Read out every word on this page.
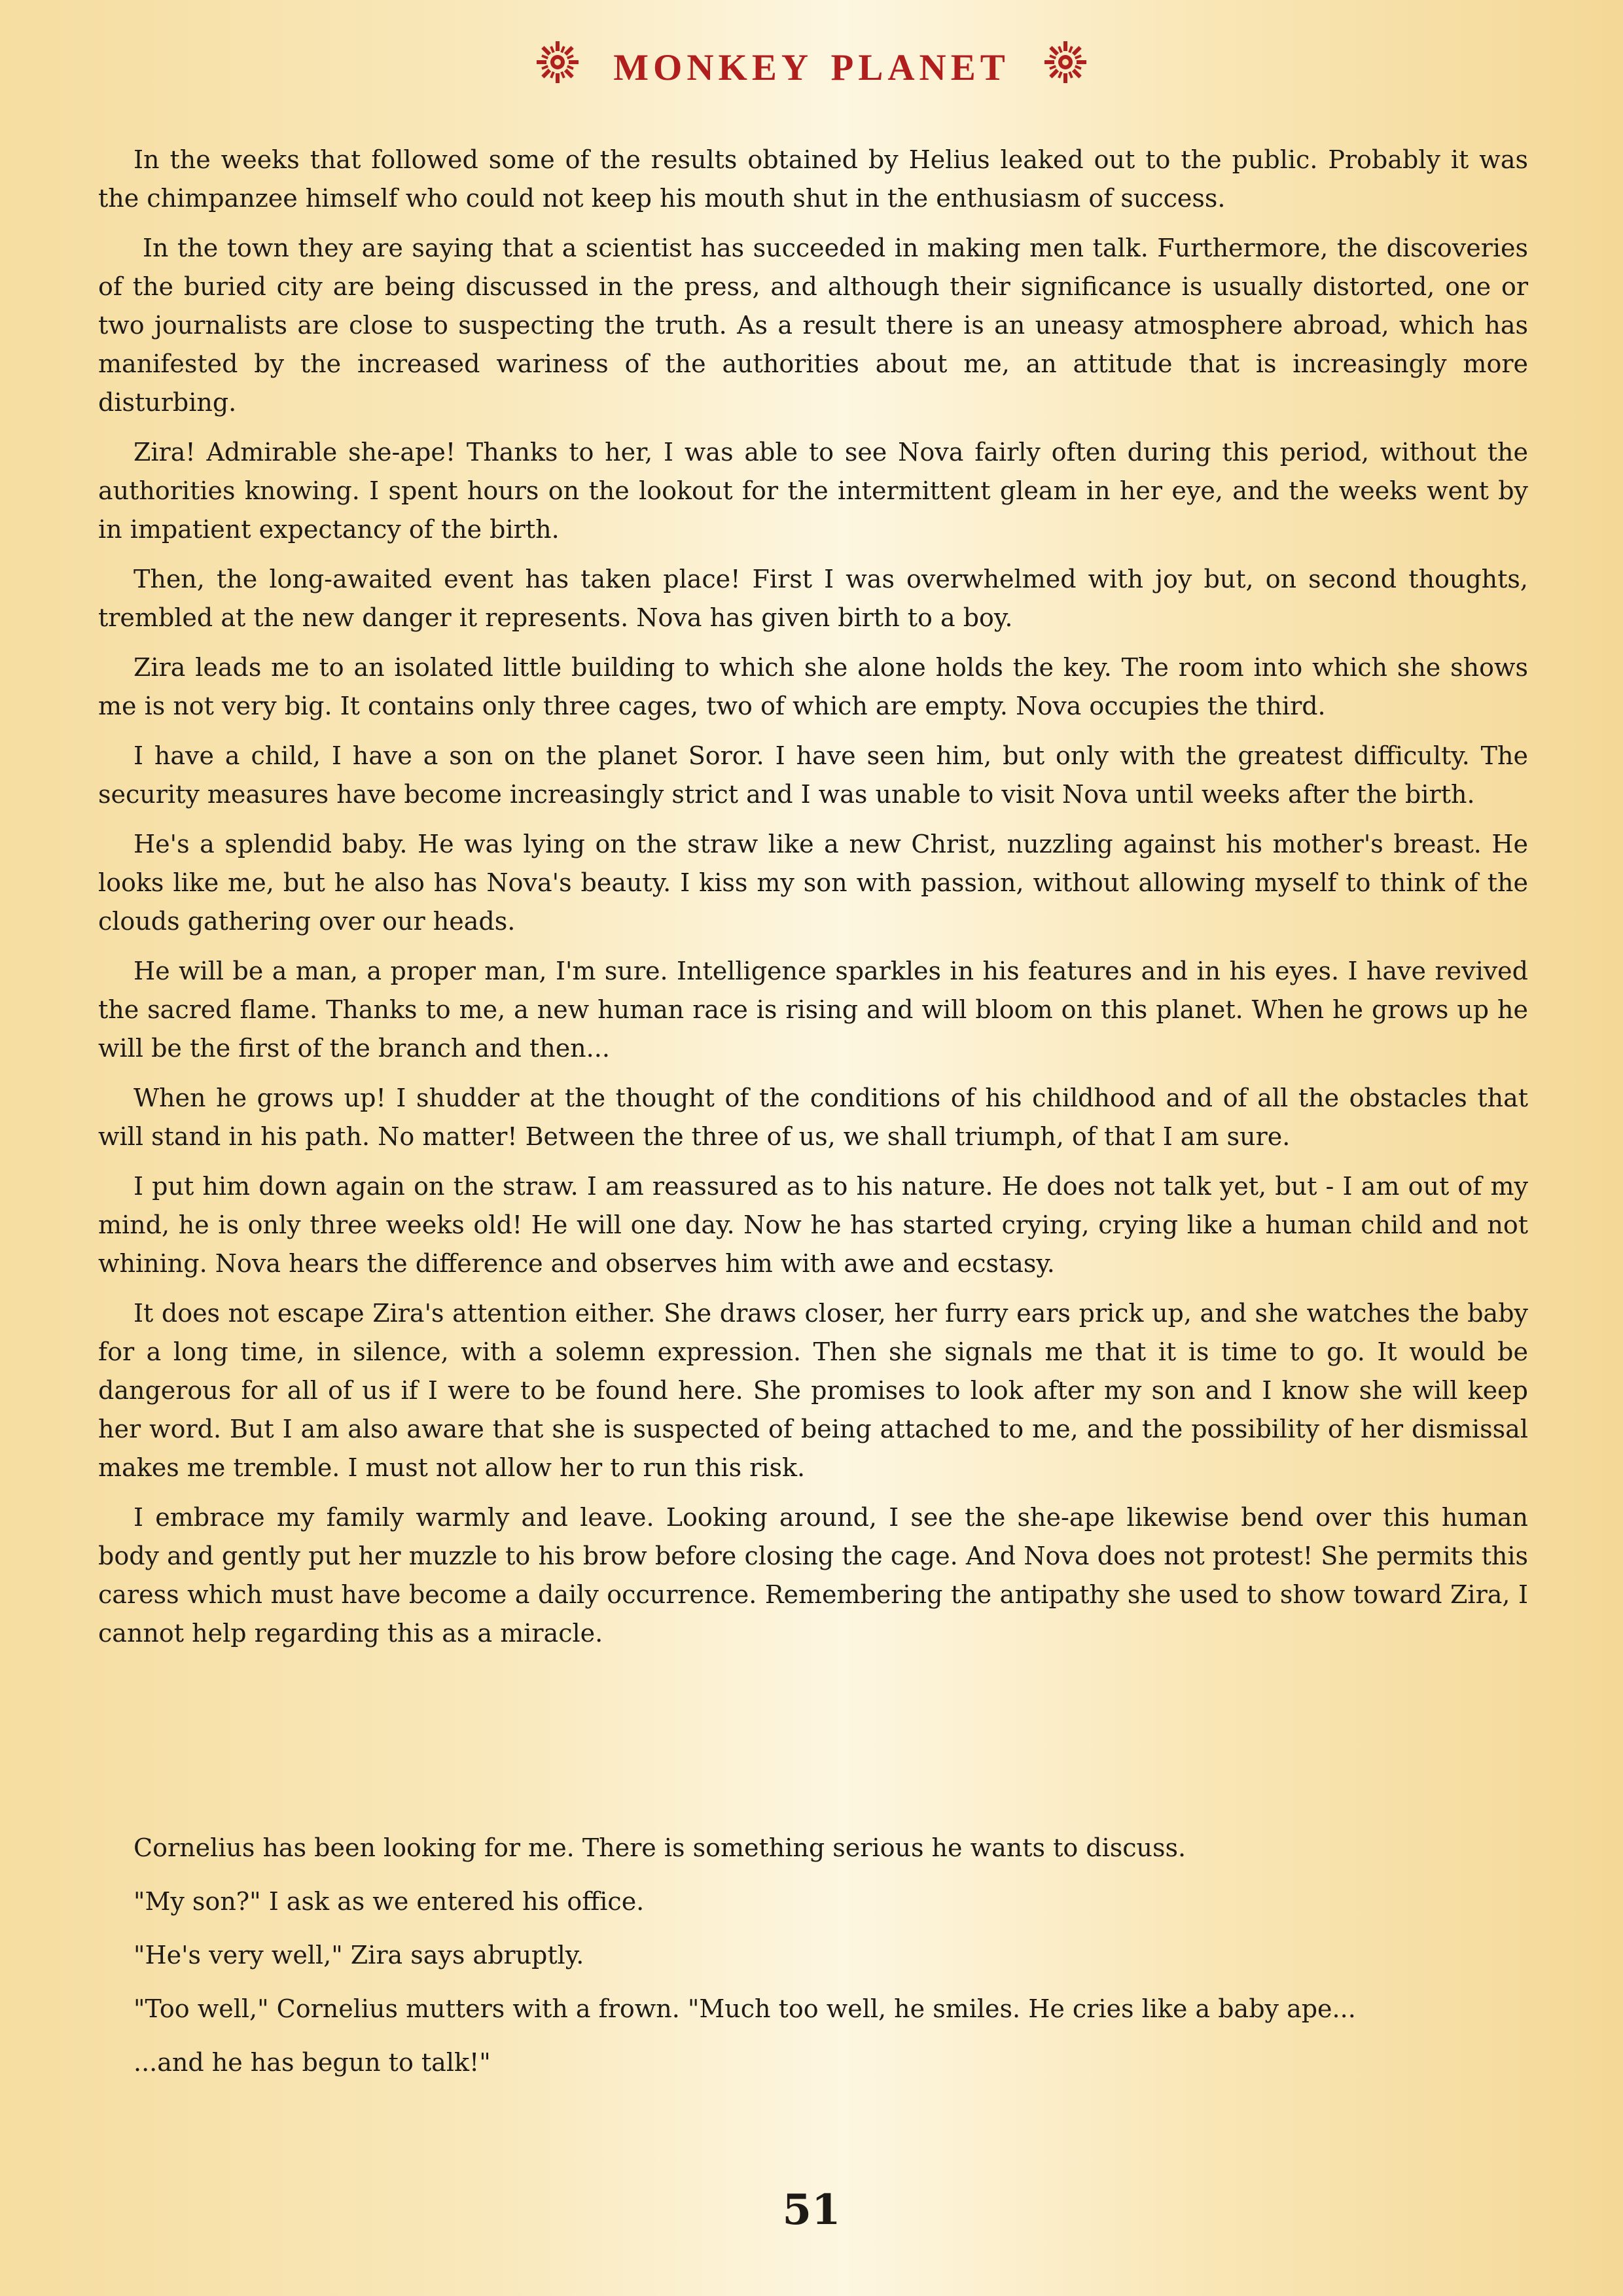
monkey planet

In the weeks that followed some of the results obtained by Helius leaked out to the public. Probably it was the chimpanzee himself who could not keep his mouth shut in the enthusiasm of success.

In the town they are saying that a scientist has succeeded in making men talk. Furthermore, the discoveries of the buried city are being discussed in the press, and although their significance is usually distorted, one or two journalists are close to suspecting the truth. As a result there is an uneasy atmosphere abroad, which has manifested by the increased wariness of the authorities about me, an attitude that is increasingly more disturbing.

Zira! Admirable she-ape! Thanks to her, I was able to see Nova fairly often during this period, without the authorities knowing. I spent hours on the lookout for the intermittent gleam in her eye, and the weeks went by in impatient expectancy of the birth.

Then, the long-awaited event has taken place! First I was overwhelmed with joy but, on second thoughts, trembled at the new danger it represents. Nova has given birth to a boy.

Zira leads me to an isolated little building to which she alone holds the key. The room into which she shows me is not very big. It contains only three cages, two of which are empty. Nova occupies the third.

I have a child, I have a son on the planet Soror. I have seen him, but only with the greatest difficulty. The security measures have become increasingly strict and I was unable to visit Nova until weeks after the birth.

He's a splendid baby. He was lying on the straw like a new Christ, nuzzling against his mother's breast. He looks like me, but he also has Nova's beauty. I kiss my son with passion, without allowing myself to think of the clouds gathering over our heads.

He will be a man, a proper man, I'm sure. Intelligence sparkles in his features and in his eyes. I have revived the sacred flame. Thanks to me, a new human race is rising and will bloom on this planet. When he grows up he will be the first of the branch and then...

When he grows up! I shudder at the thought of the conditions of his childhood and of all the obstacles that will stand in his path. No matter! Between the three of us, we shall triumph, of that I am sure.

I put him down again on the straw. I am reassured as to his nature. He does not talk yet, but - I am out of my mind, he is only three weeks old! He will one day. Now he has started crying, crying like a human child and not whining. Nova hears the difference and observes him with awe and ecstasy.

It does not escape Zira's attention either. She draws closer, her furry ears prick up, and she watches the baby for a long time, in silence, with a solemn expression. Then she signals me that it is time to go. It would be dangerous for all of us if I were to be found here. She promises to look after my son and I know she will keep her word. But I am also aware that she is suspected of being attached to me, and the possibility of her dismissal makes me tremble. I must not allow her to run this risk.

I embrace my family warmly and leave. Looking around, I see the she-ape likewise bend over this human body and gently put her muzzle to his brow before closing the cage. And Nova does not protest! She permits this caress which must have become a daily occurrence. Remembering the antipathy she used to show toward Zira, I cannot help regarding this as a miracle.

Cornelius has been looking for me. There is something serious he wants to discuss.

"My son?" I ask as we entered his office.

"He's very well," Zira says abruptly.

"Too well," Cornelius mutters with a frown. "Much too well, he smiles. He cries like a baby ape...

...and he has begun to talk!"

51
